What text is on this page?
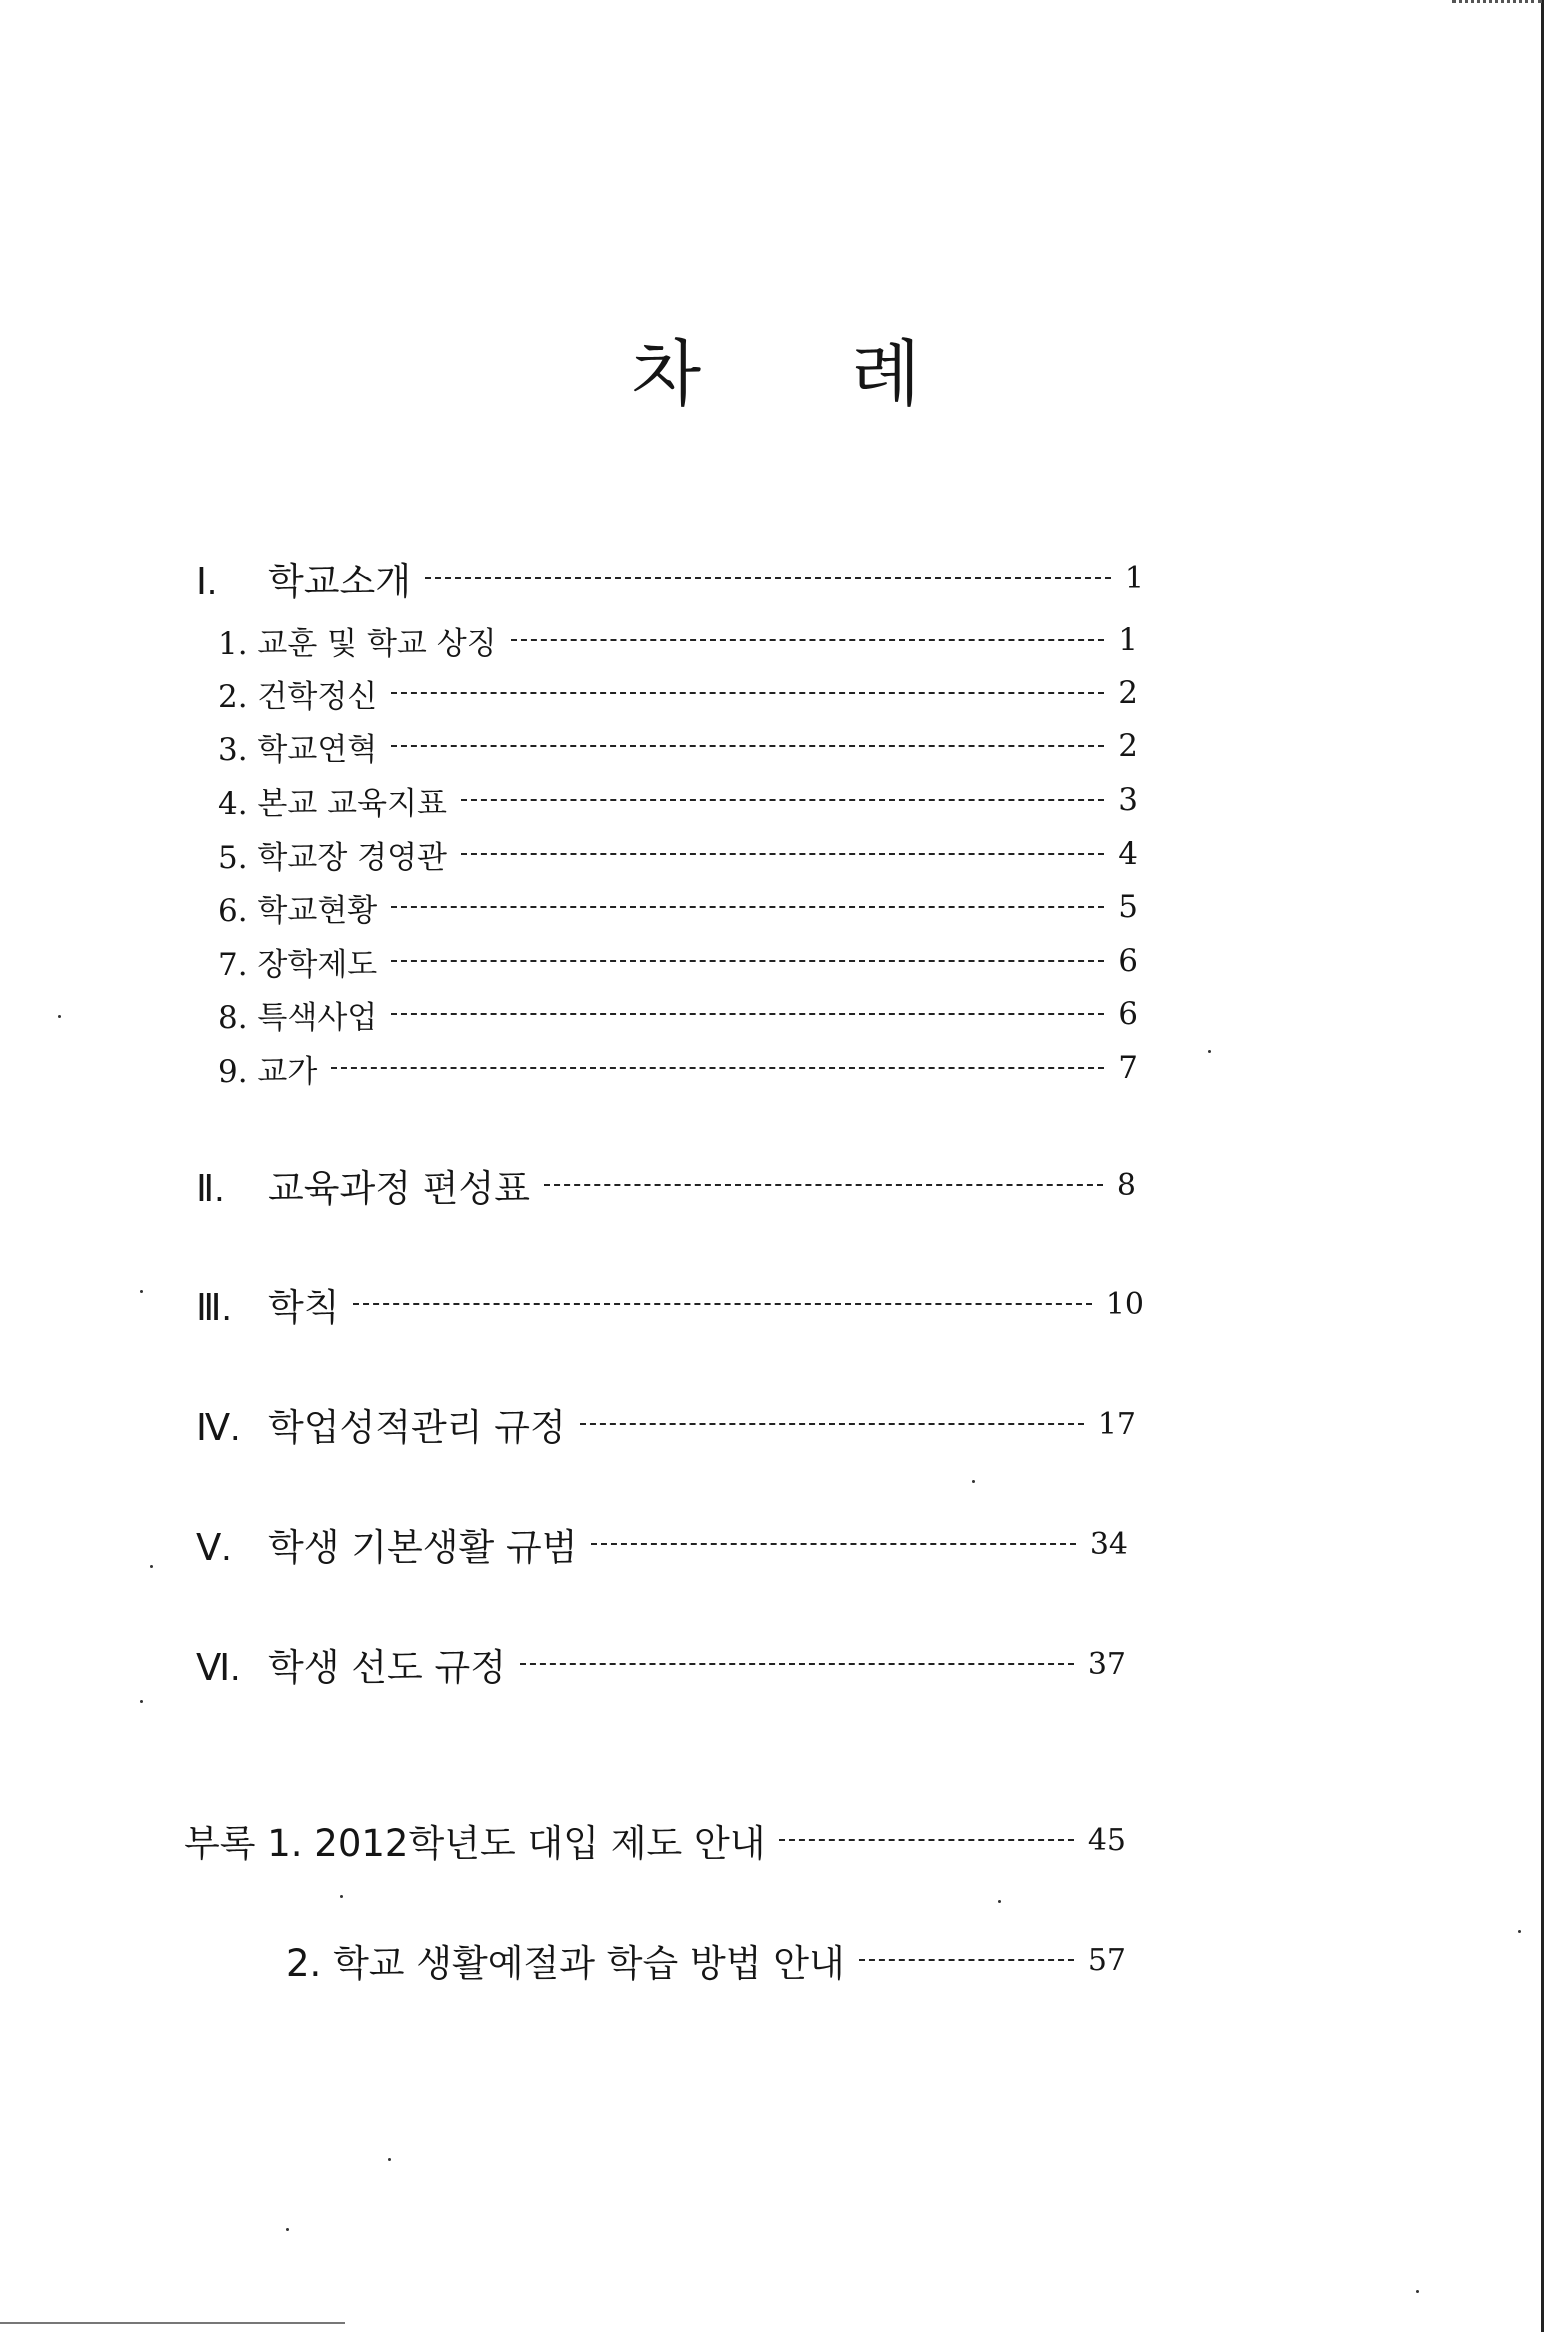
차 례
Ⅰ. 학교소개	1
1. 교훈 및 학교 상징	1
2. 건학정신	2
3. 학교연혁	2
4. 본교 교육지표	3
5. 학교장 경영관	4
6. 학교현황	5
7. 장학제도	6
8. 특색사업	6
9. 교가	7
Ⅱ. 교육과정 편성표	8
Ⅲ. 학칙	10
Ⅳ. 학업성적관리 규정	17
Ⅴ. 학생 기본생활 규범	34
Ⅵ. 학생 선도 규정	37
부록 1. 2012학년도 대입 제도 안내	45
2. 학교 생활예절과 학습 방법 안내	57
